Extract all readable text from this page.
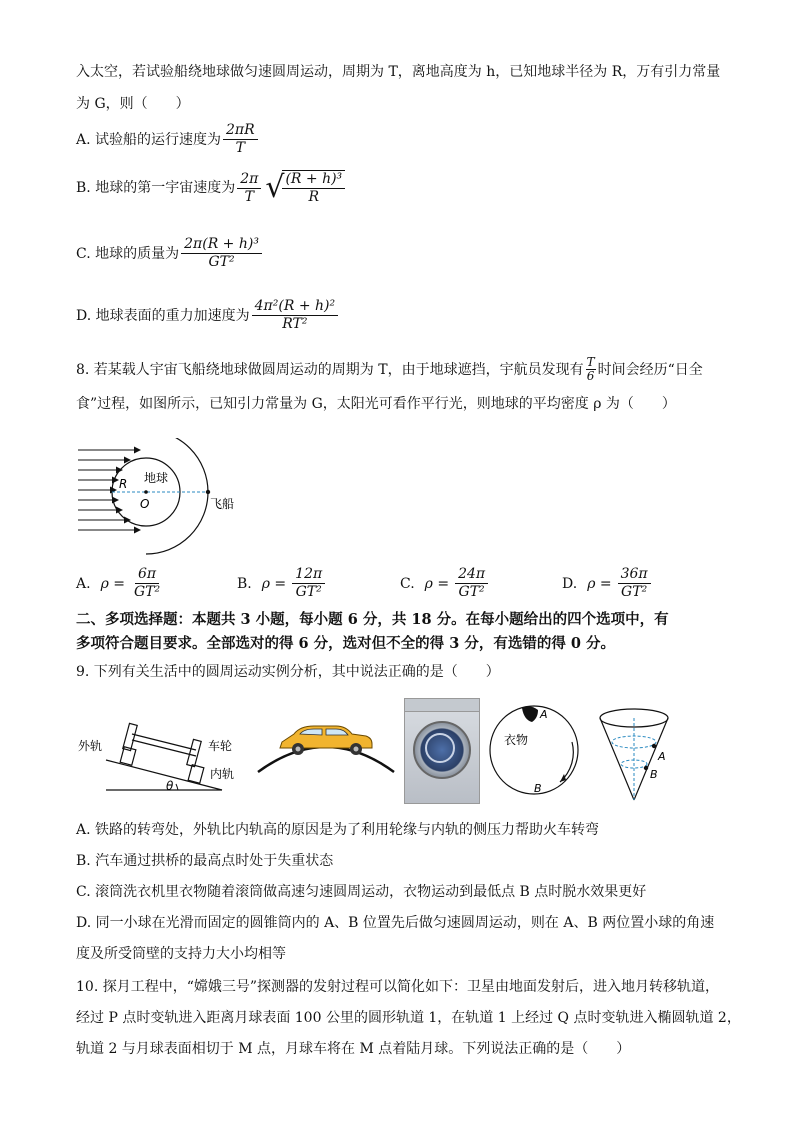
入太空，若试验船绕地球做匀速圆周运动，周期为 T，离地高度为 h，已知地球半径为 R，万有引力常量
为 G，则（　　）
A. 试验船的运行速度为 $\frac{2\pi R}{T}$
B. 地球的第一宇宙速度为 $\frac{2\pi}{T}$ √
$\frac{\text{(R + h)³}}{R}$
C. 地球的质量为 $\frac{\text{2π(R + h)³}}{\text{GT²}}$
D. 地球表面的重力加速度为 $\frac{\text{4π²(R + h)²}}{\text{RT²}}$
8. 若某载人宇宙飞船绕地球做圆周运动的周期为 T，由于地球遮挡，宇航员发现有 $\frac{T}{6}$ 时间会经历“日全
食”过程，如图所示，已知引力常量为 G，太阳光可看作平行光，则地球的平均密度 ρ 为（　　）
地球
R
O	飞船
A. $\rho = \frac{6\pi}{\text{GT²}}$	B. $\rho = \frac{12\pi}{\text{GT²}}$	C. $\rho = \frac{24\pi}{\text{GT²}}$	D. $\rho = \frac{36\pi}{\text{GT²}}$
二、多项选择题：本题共 3 小题，每小题 6 分，共 18 分。在每小题给出的四个选项中，有
多项符合题目要求。全部选对的得 6 分，选对但不全的得 3 分，有选错的得 0 分。
9. 下列有关生活中的圆周运动实例分析，其中说法正确的是（　　）
外轨	车轮
内轨
θ
A
衣物
B
A
B
A. 铁路的转弯处，外轨比内轨高的原因是为了利用轮缘与内轨的侧压力帮助火车转弯
B. 汽车通过拱桥的最高点时处于失重状态
C. 滚筒洗衣机里衣物随着滚筒做高速匀速圆周运动，衣物运动到最低点 B 点时脱水效果更好
D. 同一小球在光滑而固定的圆锥筒内的 A、B 位置先后做匀速圆周运动，则在 A、B 两位置小球的角速
度及所受筒壁的支持力大小均相等
10. 探月工程中，“嫦娥三号”探测器的发射过程可以简化如下：卫星由地面发射后，进入地月转移轨道，
经过 P 点时变轨进入距离月球表面 100 公里的圆形轨道 1，在轨道 1 上经过 Q 点时变轨进入椭圆轨道 2，
轨道 2 与月球表面相切于 M 点，月球车将在 M 点着陆月球。下列说法正确的是（　　）
